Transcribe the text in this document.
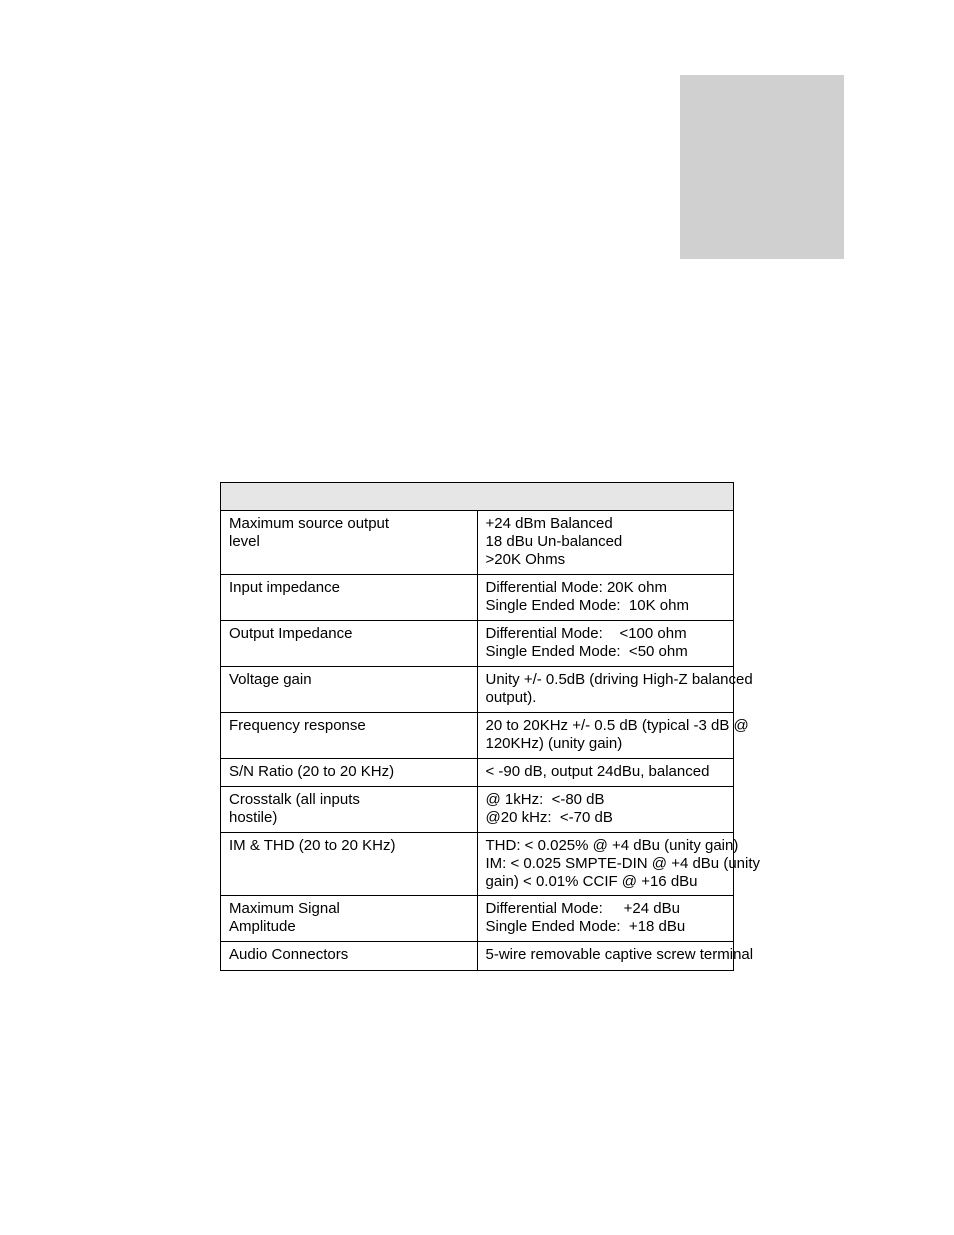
Maximum source output
level	+24 dBm Balanced
18 dBu Un-balanced
>20K Ohms

Input impedance	Differential Mode: 20K ohm
Single Ended Mode:  10K ohm

Output Impedance	Differential Mode:    <100 ohm
Single Ended Mode:  <50 ohm

Voltage gain	Unity +/- 0.5dB (driving High-Z balanced
output).

Frequency response	20 to 20KHz +/- 0.5 dB (typical -3 dB @
120KHz) (unity gain)

S/N Ratio (20 to 20 KHz)	< -90 dB, output 24dBu, balanced

Crosstalk (all inputs
hostile)	@ 1kHz:  <-80 dB
@20 kHz:  <-70 dB

IM & THD (20 to 20 KHz)	THD: < 0.025% @ +4 dBu (unity gain)
IM: < 0.025 SMPTE-DIN @ +4 dBu (unity
gain) < 0.01% CCIF @ +16 dBu

Maximum Signal
Amplitude	Differential Mode:     +24 dBu
Single Ended Mode:  +18 dBu

Audio Connectors	5-wire removable captive screw terminal
